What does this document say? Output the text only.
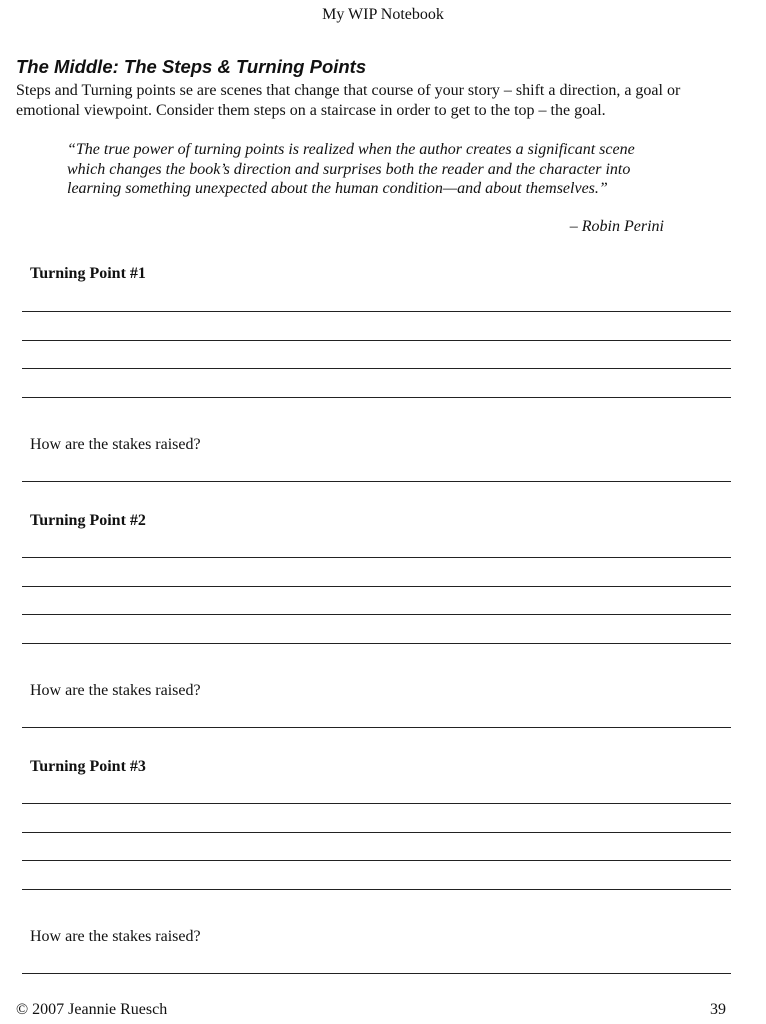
My WIP Notebook
The Middle: The Steps & Turning Points

Steps and Turning points se are scenes that change that course of your story – shift a direction, a goal or emotional viewpoint. Consider them steps on a staircase in order to get to the top – the goal.

“The true power of turning points is realized when the author creates a significant scene which changes the book’s direction and surprises both the reader and the character into learning something unexpected about the human condition—and about themselves.”

– Robin Perini
Turning Point #1
How are the stakes raised?
Turning Point #2
How are the stakes raised?
Turning Point #3
How are the stakes raised?
© 2007 Jeannie Ruesch	39
